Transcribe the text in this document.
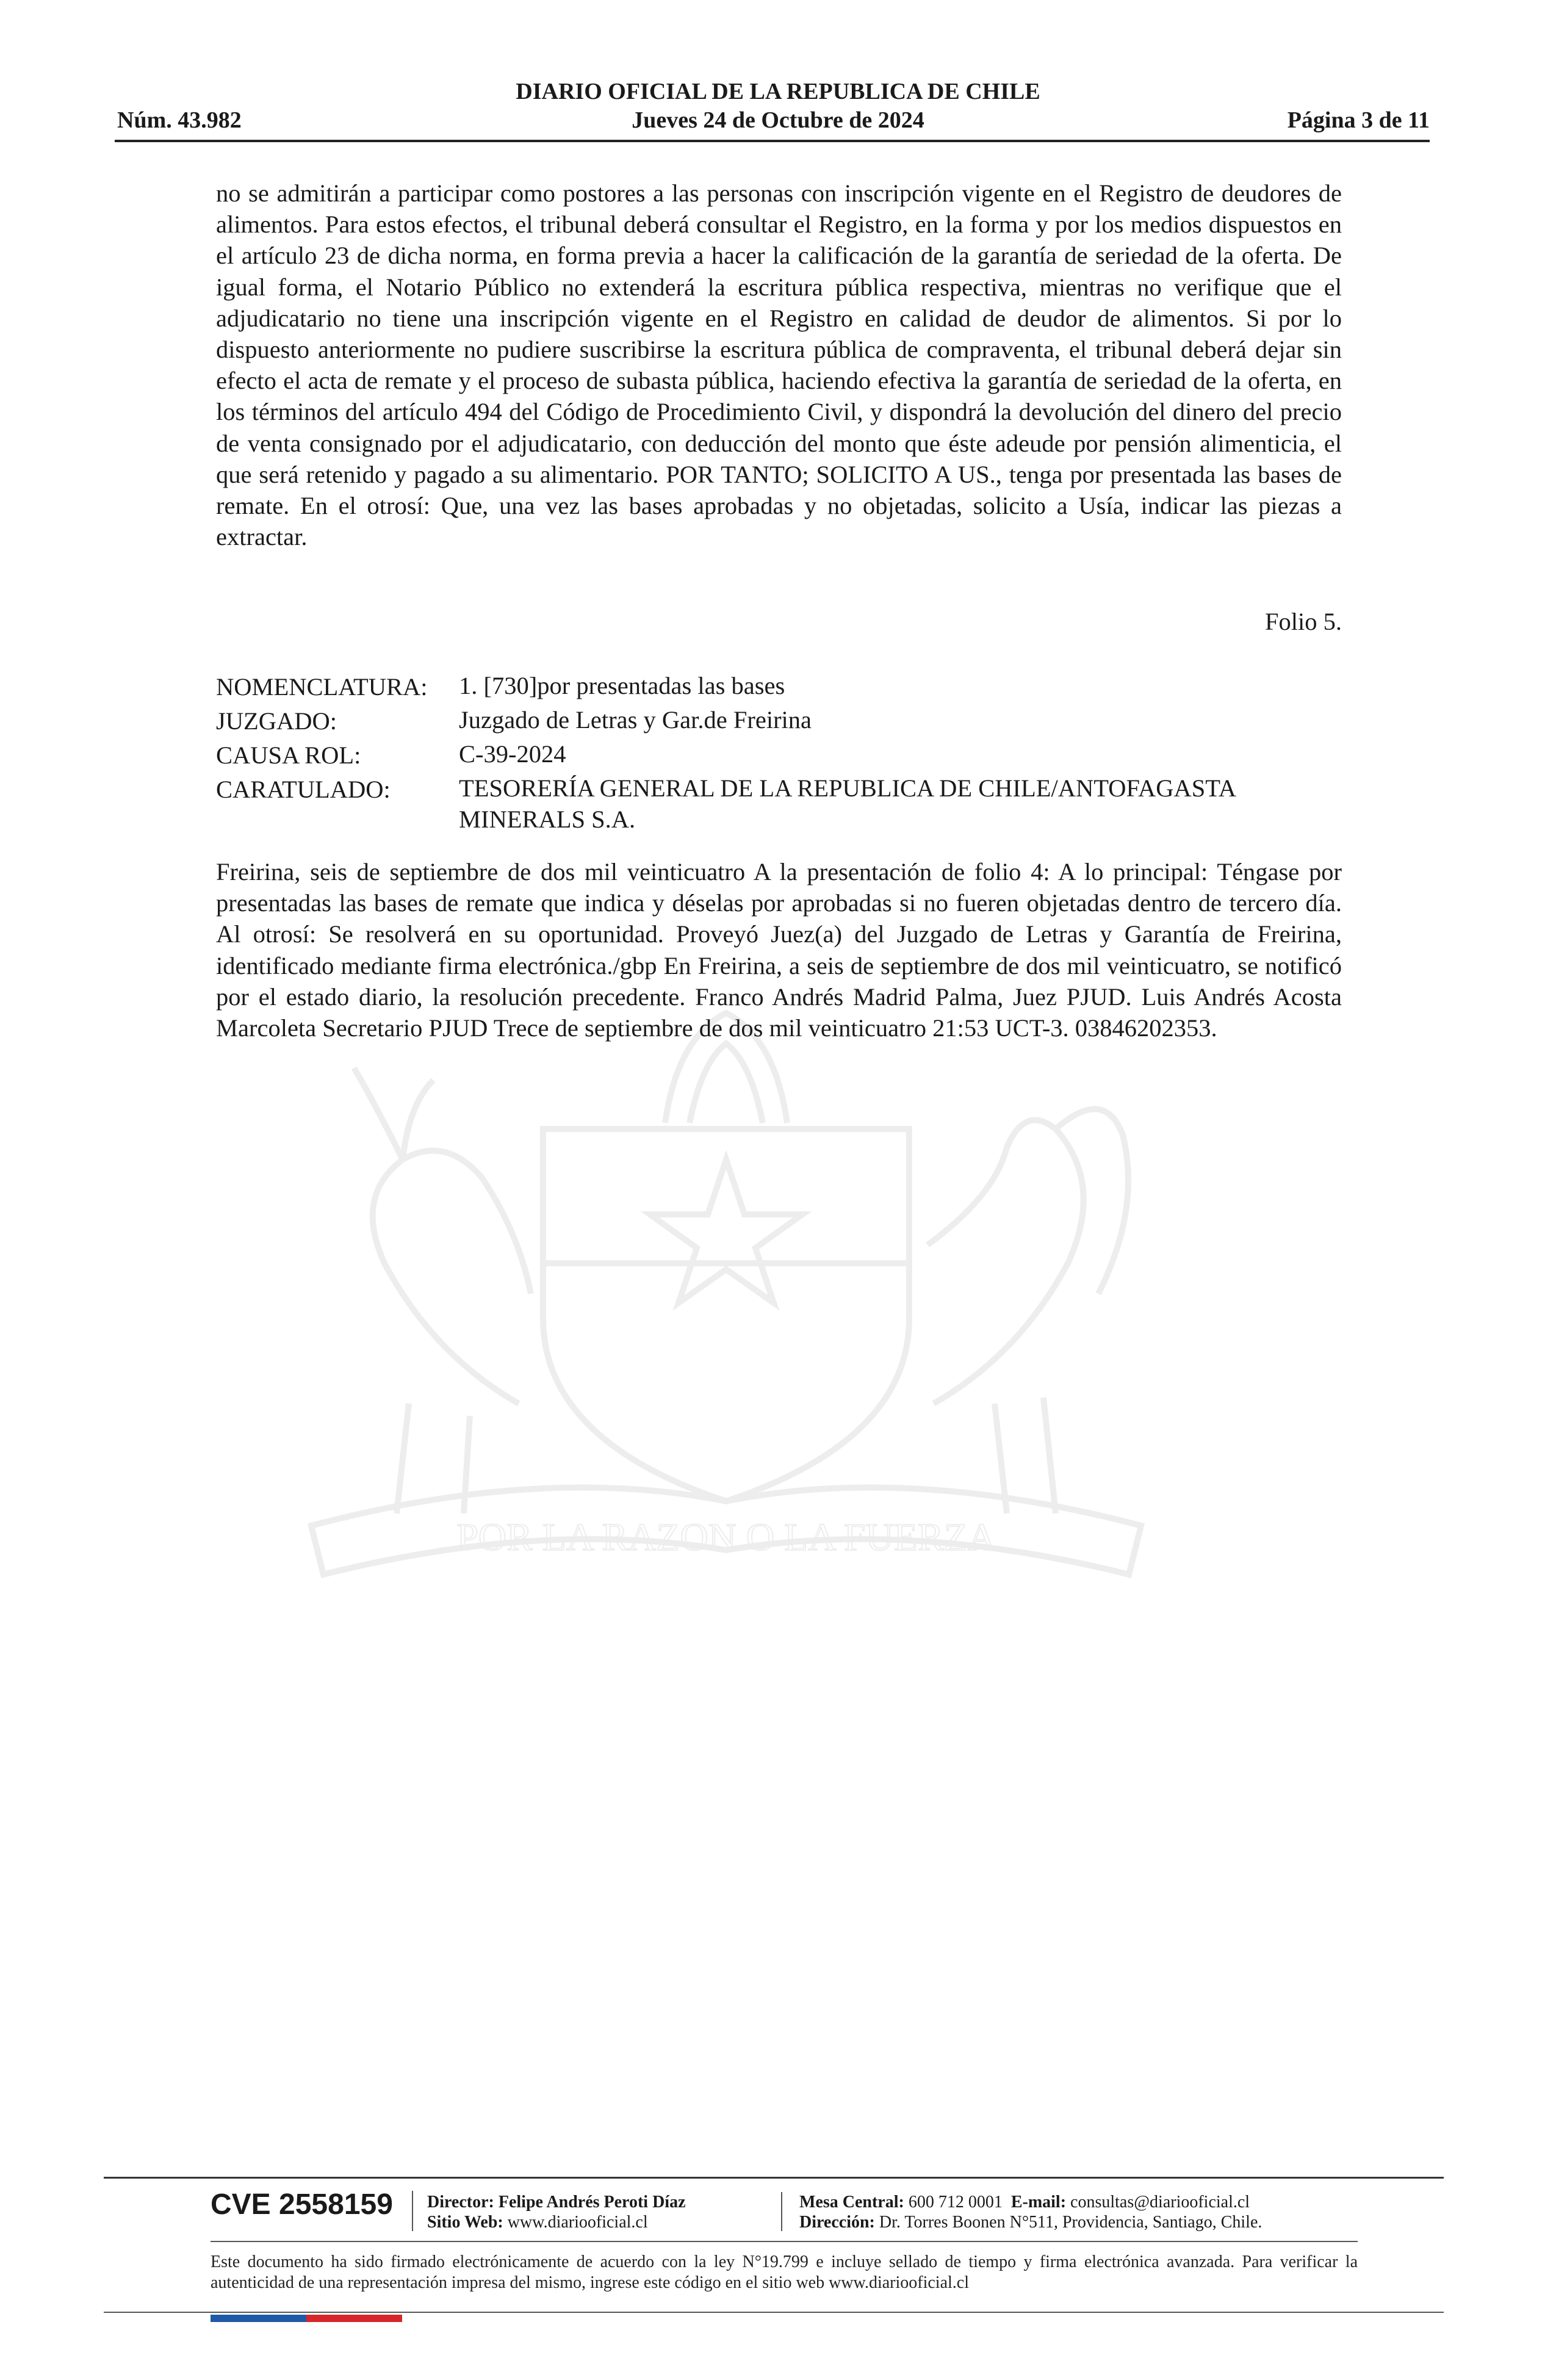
POR LA RAZON O LA FUERZA
DIARIO OFICIAL DE LA REPUBLICA DE CHILE
Núm. 43.982	Jueves 24 de Octubre de 2024	Página 3 de 11
no se admitirán a participar como postores a las personas con inscripción vigente en el Registro de deudores de alimentos. Para estos efectos, el tribunal deberá consultar el Registro, en la forma y por los medios dispuestos en el artículo 23 de dicha norma, en forma previa a hacer la calificación de la garantía de seriedad de la oferta. De igual forma, el Notario Público no extenderá la escritura pública respectiva, mientras no verifique que el adjudicatario no tiene una inscripción vigente en el Registro en calidad de deudor de alimentos. Si por lo dispuesto anteriormente no pudiere suscribirse la escritura pública de compraventa, el tribunal deberá dejar sin efecto el acta de remate y el proceso de subasta pública, haciendo efectiva la garantía de seriedad de la oferta, en los términos del artículo 494 del Código de Procedimiento Civil, y dispondrá la devolución del dinero del precio de venta consignado por el adjudicatario, con deducción del monto que éste adeude por pensión alimenticia, el que será retenido y pagado a su alimentario. POR TANTO; SOLICITO A US., tenga por presentada las bases de remate. En el otrosí: Que, una vez las bases aprobadas y no objetadas, solicito a Usía, indicar las piezas a extractar.
Folio 5.
NOMENCLATURA:	1. [730]por presentadas las bases
JUZGADO:	Juzgado de Letras y Gar.de Freirina
CAUSA ROL:	C-39-2024
CARATULADO:	TESORERÍA GENERAL DE LA REPUBLICA DE CHILE/ANTOFAGASTA MINERALS S.A.
Freirina, seis de septiembre de dos mil veinticuatro A la presentación de folio 4: A lo principal: Téngase por presentadas las bases de remate que indica y déselas por aprobadas si no fueren objetadas dentro de tercero día. Al otrosí: Se resolverá en su oportunidad. Proveyó Juez(a) del Juzgado de Letras y Garantía de Freirina, identificado mediante firma electrónica./gbp En Freirina, a seis de septiembre de dos mil veinticuatro, se notificó por el estado diario, la resolución precedente. Franco Andrés Madrid Palma, Juez PJUD. Luis Andrés Acosta Marcoleta Secretario PJUD Trece de septiembre de dos mil veinticuatro 21:53 UCT-3. 03846202353.
CVE 2558159 Director: Felipe Andrés Peroti Díaz
Sitio Web: www.diariooficial.cl
Mesa Central: 600 712 0001 E-mail: consultas@diariooficial.cl
Dirección: Dr. Torres Boonen N°511, Providencia, Santiago, Chile.
Este documento ha sido firmado electrónicamente de acuerdo con la ley N°19.799 e incluye sellado de tiempo y firma electrónica avanzada. Para verificar la autenticidad de una representación impresa del mismo, ingrese este código en el sitio web www.diariooficial.cl
